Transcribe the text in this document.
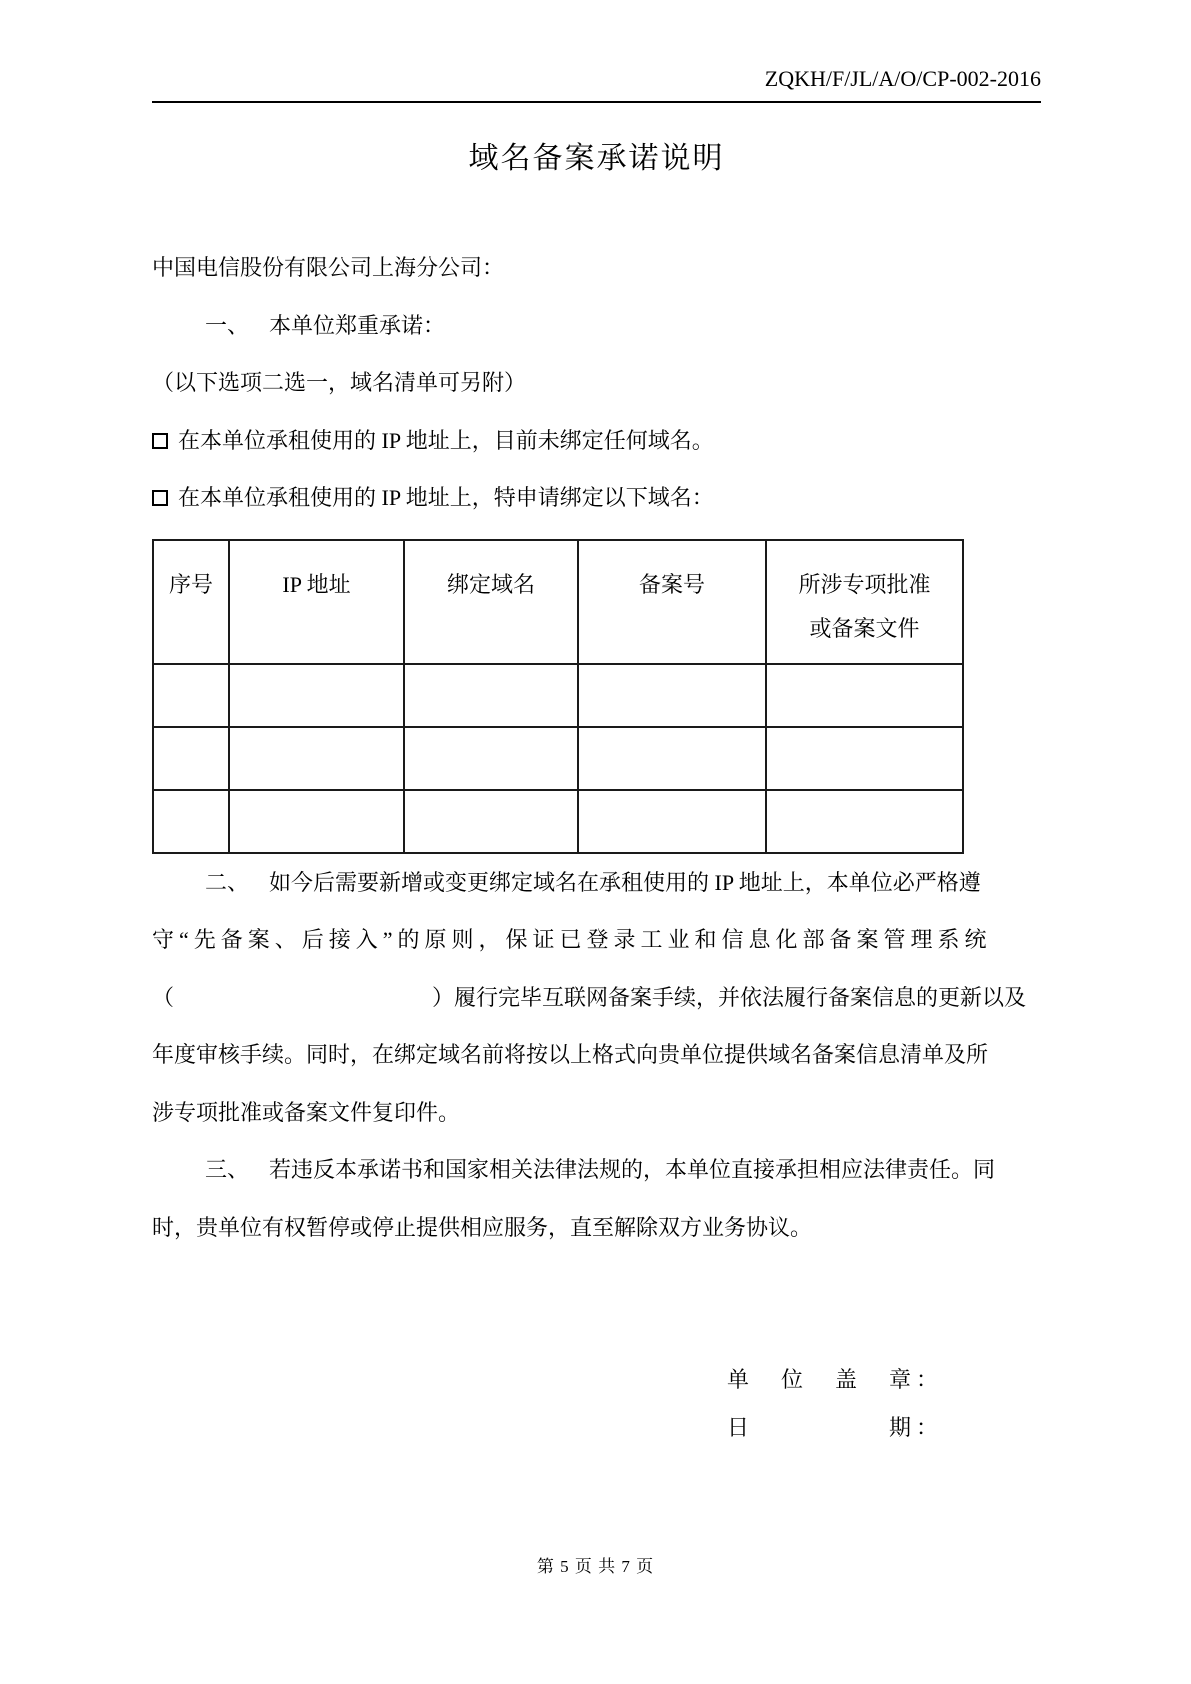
ZQKH/F/JL/A/O/CP-002-2016
域名备案承诺说明
中国电信股份有限公司上海分公司：
一、 本单位郑重承诺：
（以下选项二选一，域名清单可另附）
在本单位承租使用的 IP 地址上，目前未绑定任何域名。
在本单位承租使用的 IP 地址上，特申请绑定以下域名：
序号	IP 地址	绑定域名	备案号	所涉专项批准
或备案文件

二、 如今后需要新增或变更绑定域名在承租使用的 IP 地址上，本单位必严格遵
守“先备案、后接入”的原则，保证已登录工业和信息化部备案管理系统
（	）履行完毕互联网备案手续，并依法履行备案信息的更新以及
年度审核手续。同时，在绑定域名前将按以上格式向贵单位提供域名备案信息清单及所
涉专项批准或备案文件复印件。
三、 若违反本承诺书和国家相关法律法规的，本单位直接承担相应法律责任。同
时，贵单位有权暂停或停止提供相应服务，直至解除双方业务协议。
单　位　盖　章：
日　　　　　期：
第 5 页 共 7 页
